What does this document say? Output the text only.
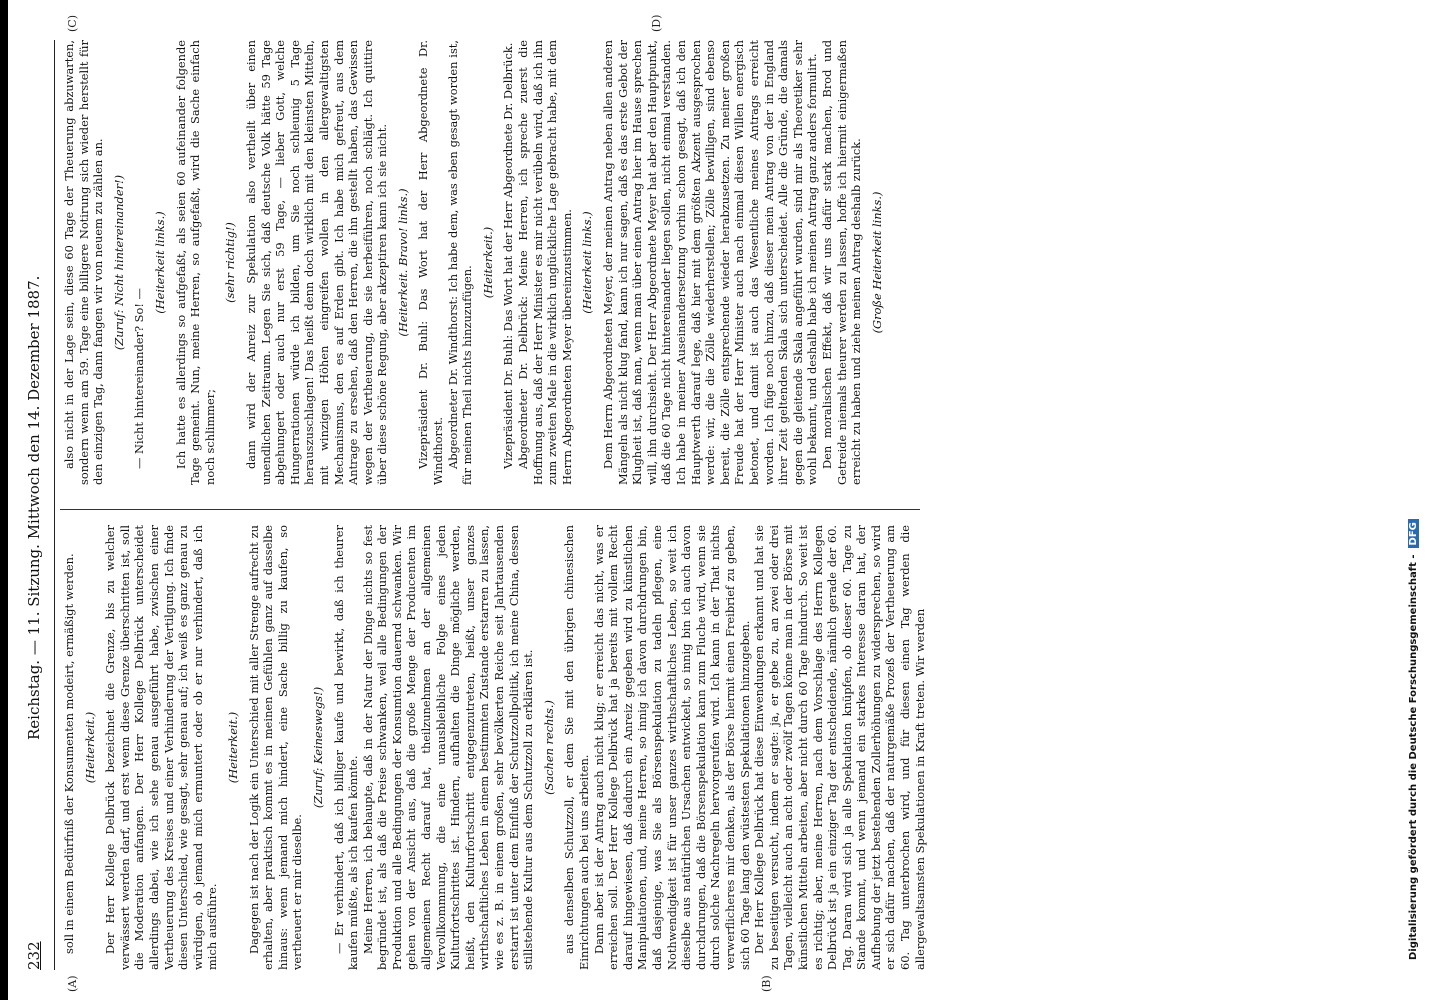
232
Reichstag. — 11. Sitzung. Mittwoch den 14. Dezember 1887.
(A)	(B)
(C)	(D)

soll in einem Bedürfniß der Konsumenten modeirt, ermäßigt werden. (Heiterkeit.) Der Herr Kollege Delbrück bezeichnet die Grenze, bis zu welcher verwässert werden darf, und erst wenn diese Grenze überschritten ist, soll die Moderation anfangen. Der Herr Kollege Delbrück unterscheidet allerdings dabei, wie ich sehe genau ausgeführt habe, zwischen einer Vertheuerung des Kreises und einer Verhinderung der Vertilgung. Ich finde diesen Unterschied, wie gesagt, sehr genau auf; ich weiß es ganz genau zu würdigen, ob jemand mich ermuntert oder ob er nur verhindert, daß ich mich ausführe.

(Heiterkeit.) Dagegen ist nach der Logik ein Unterschied mit aller Strenge aufrecht zu erhalten, aber praktisch kommt es in meinen Gefühlen ganz auf dasselbe hinaus: wenn jemand mich hindert, eine Sache billig zu kaufen, so vertheuert er mir dieselbe.

(Zuruf: Keineswegs!) — Er verhindert, daß ich billiger kaufe und bewirkt, daß ich theurer kaufen müßte, als ich kaufen könnte. Meine Herren, ich behaupte, daß in der Natur der Dinge nichts so fest begründet ist, als daß die Preise schwanken, weil alle Bedingungen der Produktion und alle Bedingungen der Konsumtion dauernd schwanken. Wir gehen von der Ansicht aus, daß die große Menge der Producenten im allgemeinen Recht darauf hat, theilzunehmen an der allgemeinen Vervollkommnung, die eine unausbleibliche Folge eines jeden Kulturfortschrittes ist. Hindern, aufhalten die Dinge mögliche werden, heißt, den Kulturfortschritt entgegenzutreten, heißt, unser ganzes wirthschaftliches Leben in einem bestimmten Zustande erstarren zu lassen, wie es z. B. in einem großen, sehr bevölkerten Reiche seit Jahrtausenden erstarrt ist unter dem Einfluß der Schutzzollpolitik, ich meine China, dessen stillstehende Kultur aus dem Schutzzoll zu erklären ist. (Sachen rechts.) aus denselben Schutzzoll, er dem Sie mit den übrigen chinesischen Einrichtungen auch bei uns arbeiten. Dann aber ist der Antrag auch nicht klug; er erreicht das nicht, was er erreichen soll. Der Herr Kollege Delbrück hat ja bereits mit vollem Recht darauf hingewiesen, daß dadurch ein Anreiz gegeben wird zu künstlichen Manipulationen, und, meine Herren, so innig ich davon durchdrungen bin, daß dasjenige, was Sie als Börsenspekulation zu tadeln pflegen, eine Nothwendigkeit ist für unser ganzes wirthschaftliches Leben, so weit ich dieselbe aus natürlichen Ursachen entwickelt, so innig bin ich auch davon durchdrungen, daß die Börsenspekulation kann zum Fluche wird, wenn sie durch solche Nachregeln hervorgerufen wird. Ich kann in der That nichts verwerflicheres mir denken, als der Börse hiermit einen Freibrief zu geben, sich 60 Tage lang den wüstesten Spekulationen hinzugeben. Der Herr Kollege Delbrück hat diese Einwendungen erkannt und hat sie zu beseitigen versucht, indem er sagte: ja, er gebe zu, an zwei oder drei Tagen, vielleicht auch an acht oder zwölf Tagen könne man in der Börse mit künstlichen Mitteln arbeiten, aber nicht durch 60 Tage hindurch. So weit ist es richtig; aber, meine Herren, nach dem Vorschlage des Herrn Kollegen Delbrück ist ja ein einziger Tag der entscheidende, nämlich gerade der 60. Tag. Daran wird sich ja alle Spekulation knüpfen, ob dieser 60. Tage zu Stande kommt, und wenn jemand ein starkes Interesse daran hat, der Aufhebung der jetzt bestehenden Zollerhöhungen zu widersprechen, so wird er sich dafür machen, daß der naturgemäße Prozeß der Vertheuerung am 60. Tag unterbrochen wird, und für diesen einen Tag werden die allergewaltsamsten Spekulationen in Kraft treten. Wir werden

also nicht in der Lage sein, diese 60 Tage der Theuerung abzuwarten, sondern wenn am 59. Tage eine billigere Notirung sich wieder herstellt für den einzigen Tag, dann fangen wir von neuem zu zählen an. (Zuruf: Nicht hintereinander!)

— Nicht hintereinander? So! —

(Heiterkeit links.) Ich hatte es allerdings so aufgefaßt, als seien 60 aufeinander folgende Tage gemeint. Nun, meine Herren, so aufgefaßt, wird die Sache einfach noch schlimmer;

(sehr richtig!) dann wird der Anreiz zur Spekulation also vertheilt über einen unendlichen Zeitraum. Legen Sie sich, daß deutsche Volk hätte 59 Tage abgehungert oder auch nur erst 59 Tage, — lieber Gott, welche Hungerrationen würde ich bilden, um Sie noch schleunig 5 Tage herauszuschlagen! Das heißt denn doch wirklich mit den kleinsten Mitteln, mit winzigen Höhen eingreifen wollen in den allergewaltigsten Mechanismus, den es auf Erden gibt. Ich habe mich gefreut, aus dem Antrage zu ersehen, daß den Herren, die ihn gestellt haben, das Gewissen wegen der Vertheuerung, die sie herbeiführen, noch schlägt. Ich quittire über diese schöne Regung, aber akzeptiren kann ich sie nicht. (Heiterkeit. Bravo! links.) Vizepräsident Dr. Buhl: Das Wort hat der Herr Abgeordnete Dr. Windthorst. Abgeordneter Dr. Windthorst: Ich habe dem, was eben gesagt worden ist, für meinen Theil nichts hinzuzufügen.

(Heiterkeit.) Vizepräsident Dr. Buhl: Das Wort hat der Herr Abgeordnete Dr. Delbrück. Abgeordneter Dr. Delbrück: Meine Herren, ich spreche zuerst die Hoffnung aus, daß der Herr Minister es mir nicht verübeln wird, daß ich ihn zum zweiten Male in die wirklich unglückliche Lage gebracht habe, mit dem Herrn Abgeordneten Meyer übereinzustimmen. (Heiterkeit links.) Dem Herrn Abgeordneten Meyer, der meinen Antrag neben allen anderen Mängeln als nicht klug fand, kann ich nur sagen, daß es das erste Gebot der Klugheit ist, daß man, wenn man über einen Antrag hier im Hause sprechen will, ihn durchsieht. Der Herr Abgeordnete Meyer hat aber den Hauptpunkt, daß die 60 Tage nicht hintereinander liegen sollen, nicht einmal verstanden. Ich habe in meiner Auseinandersetzung vorhin schon gesagt, daß ich den Hauptwerth darauf lege, daß hier mit dem größten Akzent ausgesprochen werde: wir, die die Zölle wiederherstellen; Zölle bewilligen, sind ebenso bereit, die Zölle entsprechende wieder herabzusetzen. Zu meiner großen Freude hat der Herr Minister auch nach einmal diesen Willen energisch betonet, und damit ist auch das Wesentliche meines Antrags erreicht worden. Ich füge noch hinzu, daß dieser mein Antrag von der in England ihrer Zeit geltenden Skala sich unterscheidet. Alle die Gründe, die damals gegen die gleitende Skala angeführt wurden, sind mir als Theoretiker sehr wohl bekannt, und deshalb habe ich meinen Antrag ganz anders formulirt. Den moralischen Effekt, daß wir uns dafür stark machen, Brod und Getreide niemals theurer werden zu lassen, hoffe ich hiermit einigermaßen erreicht zu haben und ziehe meinen Antrag deshalb zurück. (Große Heiterkeit links.)

Digitalisierung gefördert durch die Deutsche Forschungsgemeinschaft -DFG
